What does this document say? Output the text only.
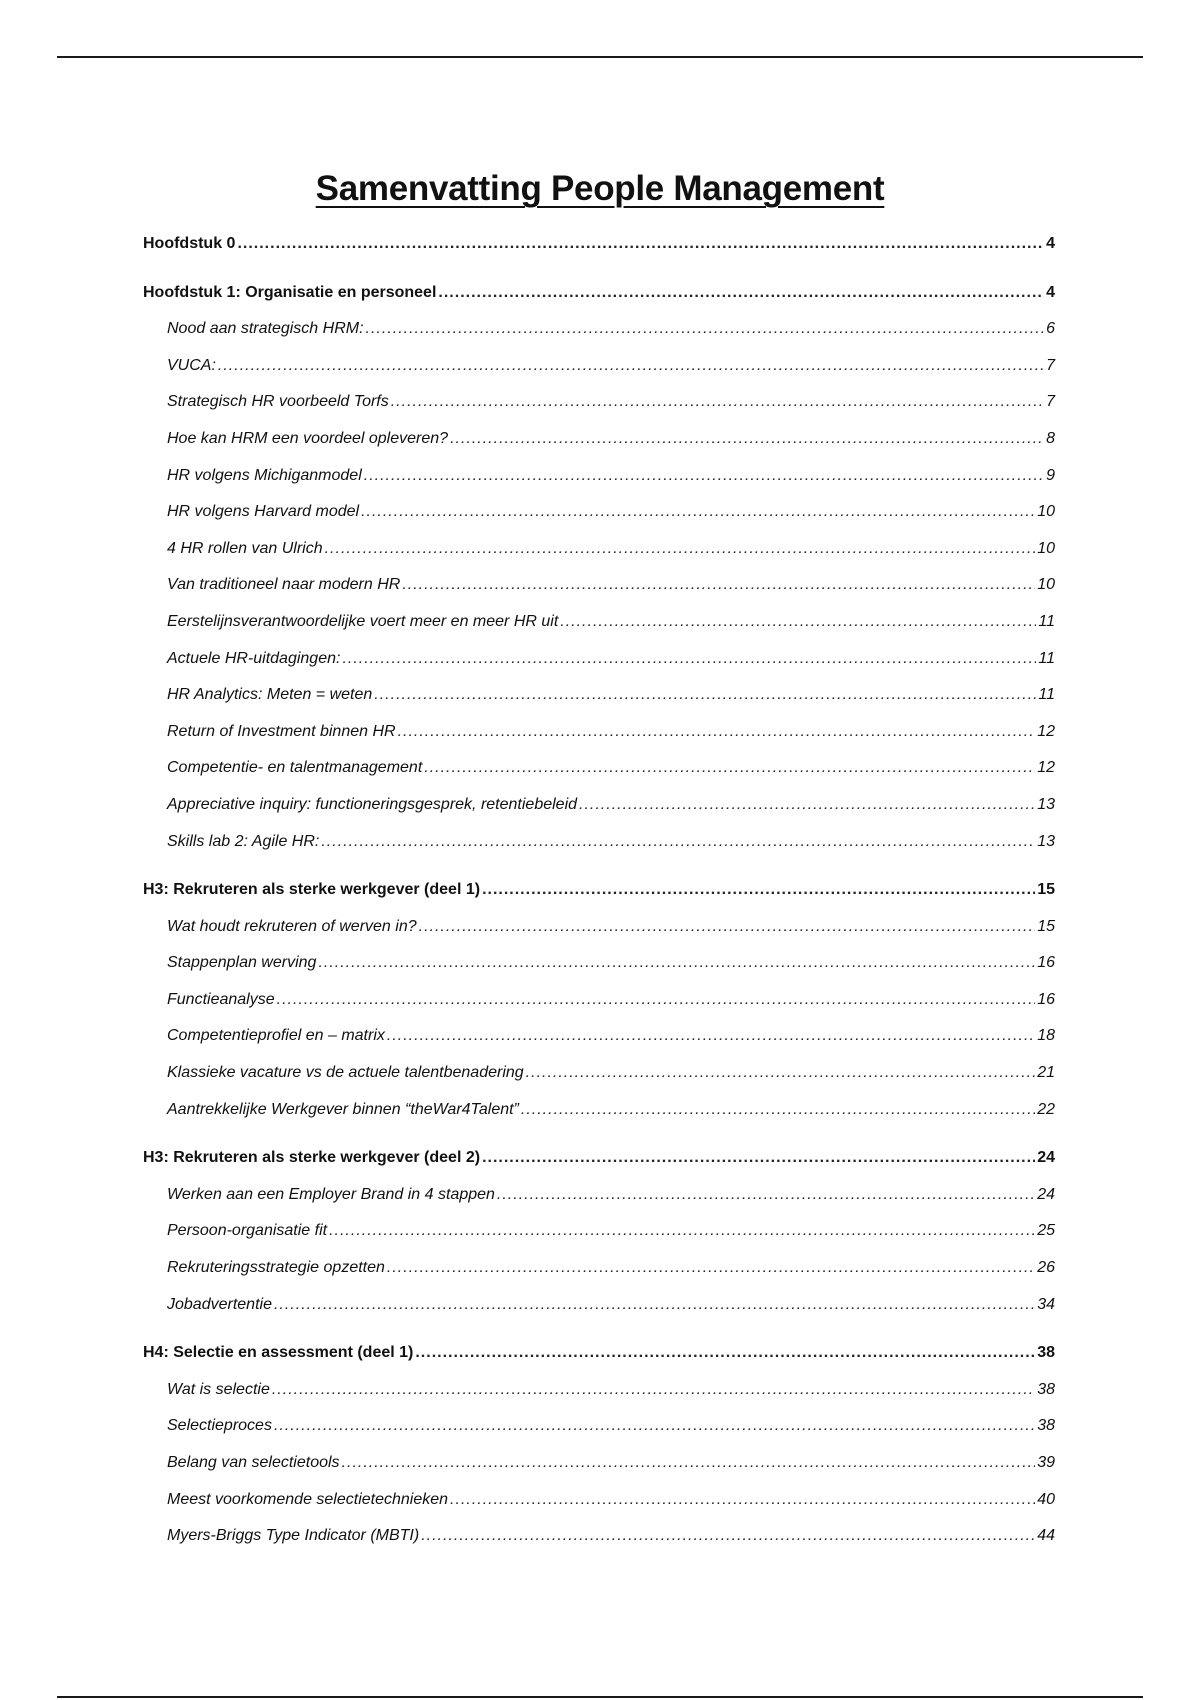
Samenvatting People Management
Hoofdstuk 0 .....	4
Hoofdstuk 1: Organisatie en personeel .....	4
Nood aan strategisch HRM: .....	6
VUCA: .....	7
Strategisch HR voorbeeld Torfs .....	7
Hoe kan HRM een voordeel opleveren? .....	8
HR volgens Michiganmodel .....	9
HR volgens Harvard model .....	10
4 HR rollen van Ulrich .....	10
Van traditioneel naar modern HR .....	10
Eerstelijnsverantwoordelijke voert meer en meer HR uit .....	11
Actuele HR-uitdagingen: .....	11
HR Analytics: Meten = weten .....	11
Return of Investment binnen HR .....	12
Competentie- en talentmanagement .....	12
Appreciative inquiry: functioneringsgesprek, retentiebeleid .....	13
Skills lab 2: Agile HR: .....	13
H3: Rekruteren als sterke werkgever (deel 1) .....	15
Wat houdt rekruteren of werven in? .....	15
Stappenplan werving .....	16
Functieanalyse .....	16
Competentieprofiel en – matrix .....	18
Klassieke vacature vs de actuele talentbenadering .....	21
Aantrekkelijke Werkgever binnen “theWar4Talent” .....	22
H3: Rekruteren als sterke werkgever (deel 2) .....	24
Werken aan een Employer Brand in 4 stappen .....	24
Persoon-organisatie fit .....	25
Rekruteringsstrategie opzetten .....	26
Jobadvertentie .....	34
H4: Selectie en assessment (deel 1) .....	38
Wat is selectie .....	38
Selectieproces .....	38
Belang van selectietools .....	39
Meest voorkomende selectietechnieken .....	40
Myers-Briggs Type Indicator (MBTI) .....	44
